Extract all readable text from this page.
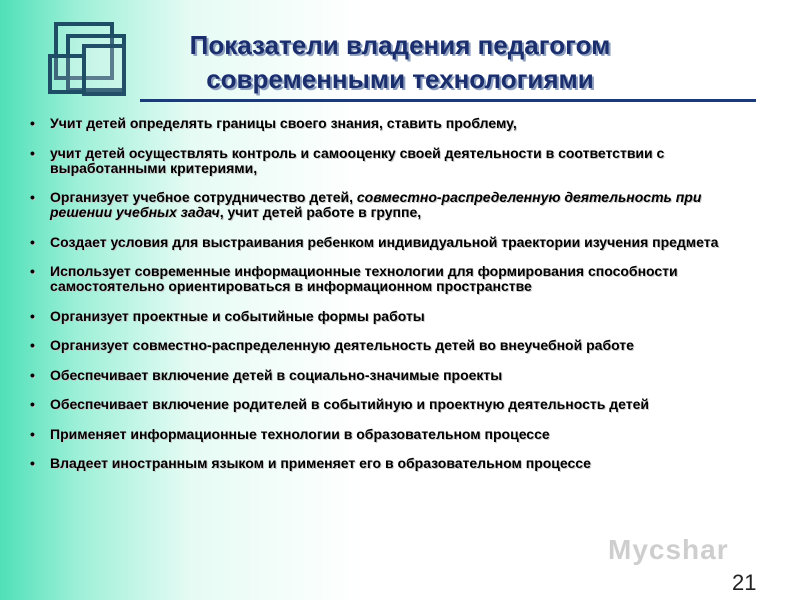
Показатели владения педагогом
современными технологиями
• Учит детей определять границы своего знания, ставить проблему,
• учит детей осуществлять контроль и самооценку своей деятельности в соответствии с выработанными критериями,
• Организует учебное сотрудничество детей, совместно-распределенную деятельность при решении учебных задач, учит детей работе в группе,
• Создает условия для выстраивания ребенком индивидуальной траектории изучения предмета
• Использует современные информационные технологии для формирования способности самостоятельно ориентироваться в информационном пространстве
• Организует проектные и событийные формы работы
• Организует совместно-распределенную деятельность детей во внеучебной работе
• Обеспечивает включение детей в социально-значимые проекты
• Обеспечивает включение родителей в событийную и проектную деятельность детей
• Применяет информационные технологии в образовательном процессе
• Владеет иностранным языком и применяет его в образовательном процессе
Mycshar
21
